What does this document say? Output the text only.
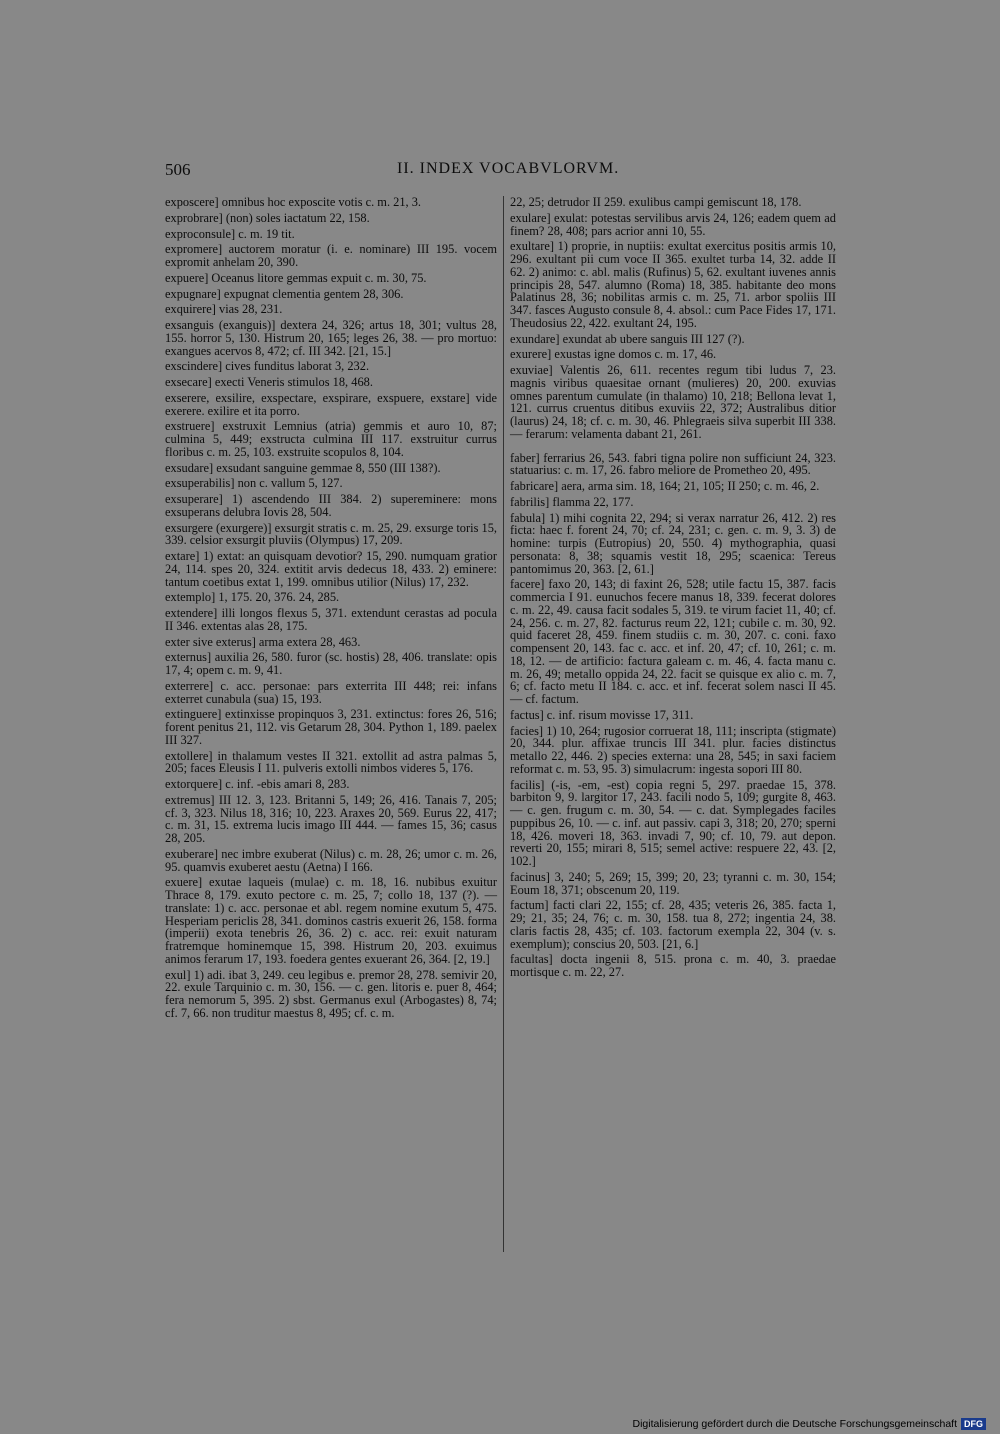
506	II. INDEX VOCABVLORVM.
exposcere] omnibus hoc exposcite votis c. m. 21, 3.
exprobrare] (non) soles iactatum 22, 158.
exproconsule] c. m. 19 tit.
expromere] auctorem moratur (i. e. nominare) III 195. vocem expromit anhelam 20, 390.
expuere] Oceanus litore gemmas expuit c. m. 30, 75.
expugnare] expugnat clementia gentem 28, 306.
exquirere] vias 28, 231.
exsanguis (exanguis)] dextera 24, 326; artus 18, 301; vultus 28, 155. horror 5, 130. Histrum 20, 165; leges 26, 38. — pro mortuo: exangues acervos 8, 472; cf. III 342. [21, 15.]
exscindere] cives funditus laborat 3, 232.
exsecare] execti Veneris stimulos 18, 468.
exserere, exsilire, exspectare, exspirare, exspuere, exstare] vide exerere. exilire et ita porro.
exstruere] exstruxit Lemnius (atria) gemmis et auro 10, 87; culmina 5, 449; exstructa culmina III 117. exstruitur currus floribus c. m. 25, 103. exstruite scopulos 8, 104.
exsudare] exsudant sanguine gemmae 8, 550 (III 138?).
exsuperabilis] non c. vallum 5, 127.
exsuperare] 1) ascendendo III 384. 2) supereminere: mons exsuperans delubra Iovis 28, 504.
exsurgere (exurgere)] exsurgit stratis c. m. 25, 29. exsurge toris 15, 339. celsior exsurgit pluviis (Olympus) 17, 209.
extare] 1) extat: an quisquam devotior? 15, 290. numquam gratior 24, 114. spes 20, 324. extitit arvis dedecus 18, 433. 2) eminere: tantum coetibus extat 1, 199. omnibus utilior (Nilus) 17, 232.
extemplo] 1, 175. 20, 376. 24, 285.
extendere] illi longos flexus 5, 371. extendunt cerastas ad pocula II 346. extentas alas 28, 175.
exter sive exterus] arma extera 28, 463.
externus] auxilia 26, 580. furor (sc. hostis) 28, 406. translate: opis 17, 4; opem c. m. 9, 41.
exterrere] c. acc. personae: pars exterrita III 448; rei: infans exterret cunabula (sua) 15, 193.
extinguere] extinxisse propinquos 3, 231. extinctus: fores 26, 516; forent penitus 21, 112. vis Getarum 28, 304. Python 1, 189. paelex III 327.
extollere] in thalamum vestes II 321. extollit ad astra palmas 5, 205; faces Eleusis I 11. pulveris extolli nimbos videres 5, 176.
extorquere] c. inf. -ebis amari 8, 283.
extremus] III 12. 3, 123. Britanni 5, 149; 26, 416. Tanais 7, 205; cf. 3, 323. Nilus 18, 316; 10, 223. Araxes 20, 569. Eurus 22, 417; c. m. 31, 15. extrema lucis imago III 444. — fames 15, 36; casus 28, 205.
exuberare] nec imbre exuberat (Nilus) c. m. 28, 26; umor c. m. 26, 95. quamvis exuberet aestu (Aetna) I 166.
exuere] exutae laqueis (mulae) c. m. 18, 16. nubibus exuitur Thrace 8, 179. exuto pectore c. m. 25, 7; collo 18, 137 (?). — translate: 1) c. acc. personae et abl. regem nomine exutum 5, 475. Hesperiam periclis 28, 341. dominos castris exuerit 26, 158. forma (imperii) exota tenebris 26, 36. 2) c. acc. rei: exuit naturam fratremque hominemque 15, 398. Histrum 20, 203. exuimus animos ferarum 17, 193. foedera gentes exuerant 26, 364. [2, 19.]
exul] 1) adi. ibat 3, 249. ceu legibus e. premor 28, 278. semivir 20, 22. exule Tarquinio c. m. 30, 156. — c. gen. litoris e. puer 8, 464; fera nemorum 5, 395. 2) sbst. Germanus exul (Arbogastes) 8, 74; cf. 7, 66. non truditur maestus 8, 495; cf. c. m.
22, 25; detrudor II 259. exulibus campi gemiscunt 18, 178.
exulare] exulat: potestas servilibus arvis 24, 126; eadem quem ad finem? 28, 408; pars acrior anni 10, 55.
exultare] 1) proprie, in nuptiis: exultat exercitus positis armis 10, 296. exultant pii cum voce II 365. exultet turba 14, 32. adde II 62. 2) animo: c. abl. malis (Rufinus) 5, 62. exultant iuvenes annis principis 28, 547. alumno (Roma) 18, 385. habitante deo mons Palatinus 28, 36; nobilitas armis c. m. 25, 71. arbor spoliis III 347. fasces Augusto consule 8, 4. absol.: cum Pace Fides 17, 171. Theudosius 22, 422. exultant 24, 195.
exundare] exundat ab ubere sanguis III 127 (?).
exurere] exustas igne domos c. m. 17, 46.
exuviae] Valentis 26, 611. recentes regum tibi ludus 7, 23. magnis viribus quaesitae ornant (mulieres) 20, 200. exuvias omnes parentum cumulate (in thalamo) 10, 218; Bellona levat 1, 121. currus cruentus ditibus exuviis 22, 372; Australibus ditior (laurus) 24, 18; cf. c. m. 30, 46. Phlegraeis silva superbit III 338. — ferarum: velamenta dabant 21, 261.
faber] ferrarius 26, 543. fabri tigna polire non sufficiunt 24, 323. statuarius: c. m. 17, 26. fabro meliore de Prometheo 20, 495.
fabricare] aera, arma sim. 18, 164; 21, 105; II 250; c. m. 46, 2.
fabrilis] flamma 22, 177.
fabula] 1) mihi cognita 22, 294; si verax narratur 26, 412. 2) res ficta: haec f. forent 24, 70; cf. 24, 231; c. gen. c. m. 9, 3. 3) de homine: turpis (Eutropius) 20, 550. 4) mythographia, quasi personata: 8, 38; squamis vestit 18, 295; scaenica: Tereus pantomimus 20, 363. [2, 61.]
facere] faxo 20, 143; di faxint 26, 528; utile factu 15, 387. facis commercia I 91. eunuchos fecere manus 18, 339. fecerat dolores c. m. 22, 49. causa facit sodales 5, 319. te virum faciet 11, 40; cf. 24, 256. c. m. 27, 82. facturus reum 22, 121; cubile c. m. 30, 92. quid faceret 28, 459. finem studiis c. m. 30, 207. c. coni. faxo compensent 20, 143. fac c. acc. et inf. 20, 47; cf. 10, 261; c. m. 18, 12. — de artificio: factura galeam c. m. 46, 4. facta manu c. m. 26, 49; metallo oppida 24, 22. facit se quisque ex alio c. m. 7, 6; cf. facto metu II 184. c. acc. et inf. fecerat solem nasci II 45. — cf. factum.
factus] c. inf. risum movisse 17, 311.
facies] 1) 10, 264; rugosior corruerat 18, 111; inscripta (stigmate) 20, 344. plur. affixae truncis III 341. plur. facies distinctus metallo 22, 446. 2) species externa: una 28, 545; in saxi faciem reformat c. m. 53, 95. 3) simulacrum: ingesta sopori III 80.
facilis] (-is, -em, -est) copia regni 5, 297. praedae 15, 378. barbiton 9, 9. largitor 17, 243. facili nodo 5, 109; gurgite 8, 463. — c. gen. frugum c. m. 30, 54. — c. dat. Symplegades faciles puppibus 26, 10. — c. inf. aut passiv. capi 3, 318; 20, 270; sperni 18, 426. moveri 18, 363. invadi 7, 90; cf. 10, 79. aut depon. reverti 20, 155; mirari 8, 515; semel active: respuere 22, 43. [2, 102.]
facinus] 3, 240; 5, 269; 15, 399; 20, 23; tyranni c. m. 30, 154; Eoum 18, 371; obscenum 20, 119.
factum] facti clari 22, 155; cf. 28, 435; veteris 26, 385. facta 1, 29; 21, 35; 24, 76; c. m. 30, 158. tua 8, 272; ingentia 24, 38. claris factis 28, 435; cf. 103. factorum exempla 22, 304 (v. s. exemplum); conscius 20, 503. [21, 6.]
facultas] docta ingenii 8, 515. prona c. m. 40, 3. praedae mortisque c. m. 22, 27.
Digitalisierung gefördert durch die Deutsche Forschungsgemeinschaft DFG
